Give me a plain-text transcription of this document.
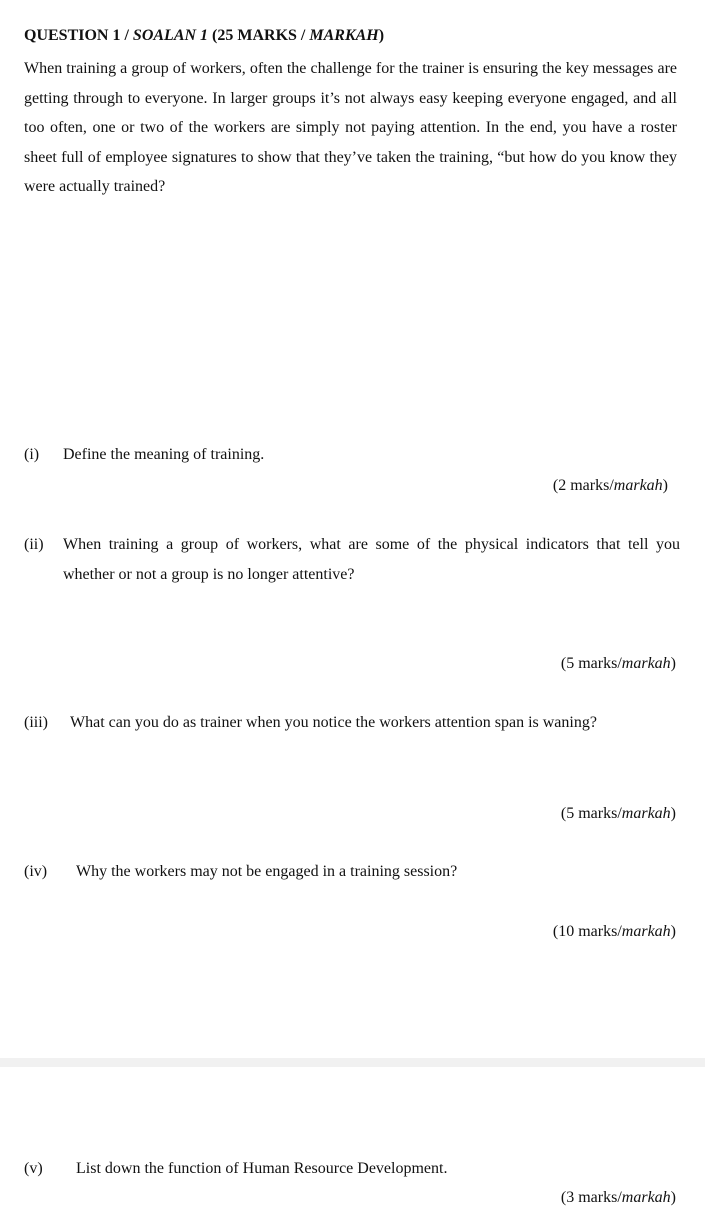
QUESTION 1 / SOALAN 1 (25 MARKS / MARKAH)

When training a group of workers, often the challenge for the trainer is ensuring the key messages are getting through to everyone. In larger groups it’s not always easy keeping everyone engaged, and all too often, one or two of the workers are simply not paying attention. In the end, you have a roster sheet full of employee signatures to show that they’ve taken the training, “but how do you know they were actually trained?

(i) Define the meaning of training.

(2 marks/markah)
(ii) When training a group of workers, what are some of the physical indicators that tell you whether or not a group is no longer attentive?

(5 marks/markah)
(iii) What can you do as trainer when you notice the workers attention span is waning?

(5 marks/markah)
(iv) Why the workers may not be engaged in a training session?

(10 marks/markah)
(v) List down the function of Human Resource Development.

(3 marks/markah)
